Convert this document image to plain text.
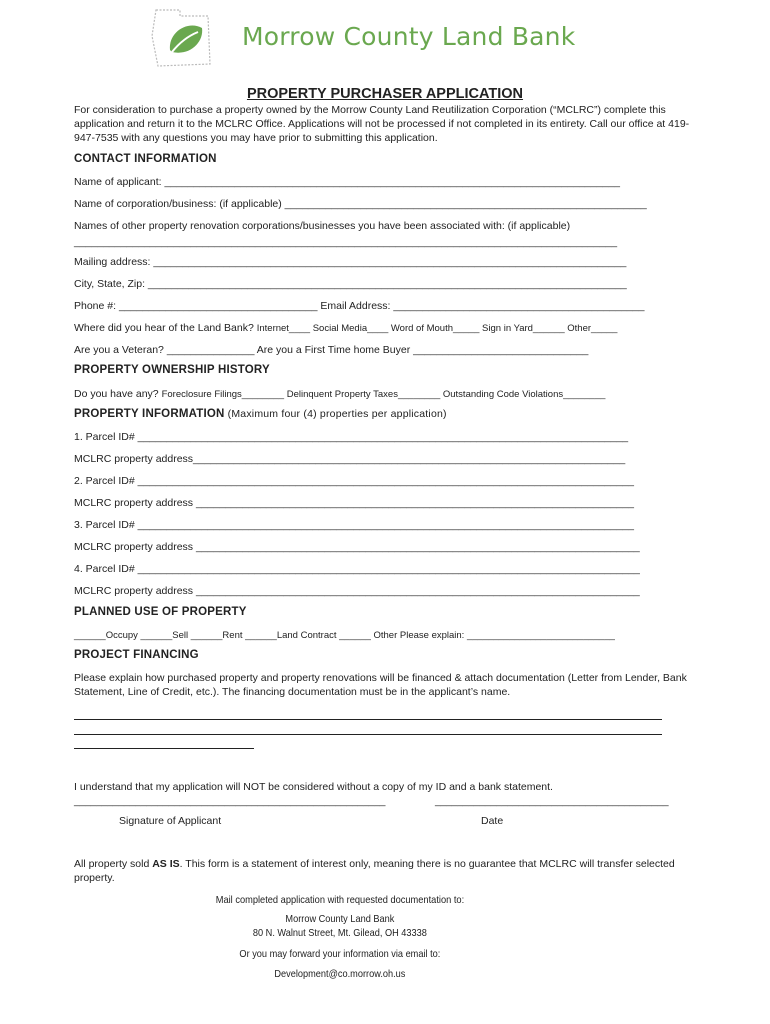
Morrow County Land Bank
PROPERTY PURCHASER APPLICATION
For consideration to purchase a property owned by the Morrow County Land Reutilization Corporation (“MCLRC”) complete this application and return it to the MCLRC Office. Applications will not be processed if not completed in its entirety. Call our office at 419-947-7535 with any questions you may have prior to submitting this application.
CONTACT INFORMATION
Name of applicant: ______________________________________________________________________________
Name of corporation/business: (if applicable) ______________________________________________________________
Names of other property renovation corporations/businesses you have been associated with: (if applicable)
_____________________________________________________________________________________________
Mailing address: _________________________________________________________________________________
City, State, Zip: __________________________________________________________________________________
Phone #: __________________________________ Email Address: ___________________________________________
Where did you hear of the Land Bank? Internet____ Social Media____ Word of Mouth_____ Sign in Yard______ Other_____
Are you a Veteran? _______________ Are you a First Time home Buyer ______________________________
PROPERTY OWNERSHIP HISTORY
Do you have any? Foreclosure Filings________ Delinquent Property Taxes________ Outstanding Code Violations________
PROPERTY INFORMATION (Maximum four (4) properties per application)
1. Parcel ID# ____________________________________________________________________________________
MCLRC property address__________________________________________________________________________
2. Parcel ID# _____________________________________________________________________________________
MCLRC property address ___________________________________________________________________________
3. Parcel ID# _____________________________________________________________________________________
MCLRC property address ____________________________________________________________________________
4. Parcel ID# ______________________________________________________________________________________
MCLRC property address ____________________________________________________________________________
PLANNED USE OF PROPERTY
______Occupy ______Sell ______Rent ______Land Contract ______ Other Please explain: ____________________________
PROJECT FINANCING
Please explain how purchased property and property renovations will be financed & attach documentation (Letter from Lender, Bank Statement, Line of Credit, etc.). The financing documentation must be in the applicant’s name.
I understand that my application will NOT be considered without a copy of my ID and a bank statement.
________________________________________________________	__________________________________________
Signature of Applicant	Date
All property sold AS IS. This form is a statement of interest only, meaning there is no guarantee that MCLRC will transfer selected property.
Mail completed application with requested documentation to:
Morrow County Land Bank
80 N. Walnut Street, Mt. Gilead, OH 43338
Or you may forward your information via email to:
Development@co.morrow.oh.us
